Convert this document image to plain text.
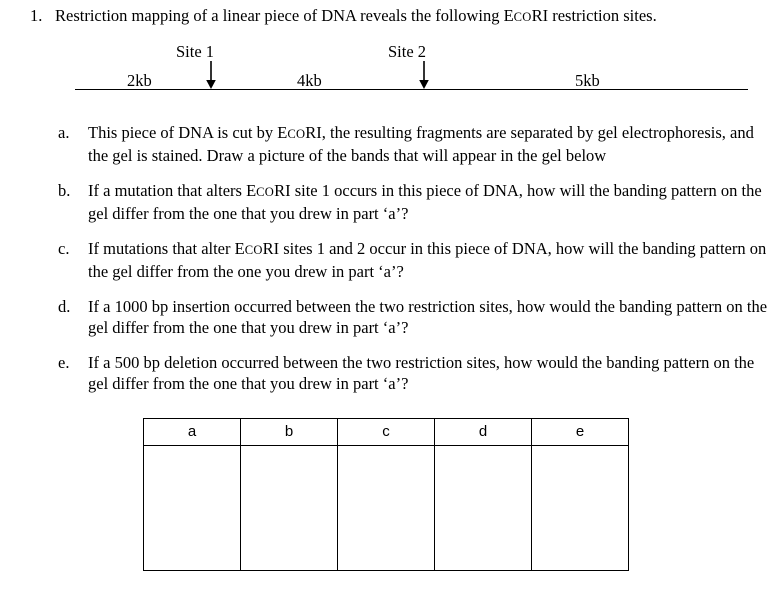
1. Restriction mapping of a linear piece of DNA reveals the following ECORI restriction sites.
Site 1	Site 2
2kb	4kb	5kb
a.	This piece of DNA is cut by ECORI, the resulting fragments are separated by gel electrophoresis, and the gel is stained. Draw a picture of the bands that will appear in the gel below
b.	If a mutation that alters ECORI site 1 occurs in this piece of DNA, how will the banding pattern on the gel differ from the one that you drew in part ‘a’?
c.	If mutations that alter ECORI sites 1 and 2 occur in this piece of DNA, how will the banding pattern on the gel differ from the one you drew in part ‘a’?
d.	If a 1000 bp insertion occurred between the two restriction sites, how would the banding pattern on the gel differ from the one that you drew in part ‘a’?
e.	If a 500 bp deletion occurred between the two restriction sites, how would the banding pattern on the gel differ from the one that you drew in part ‘a’?
a	b	c	d	e
